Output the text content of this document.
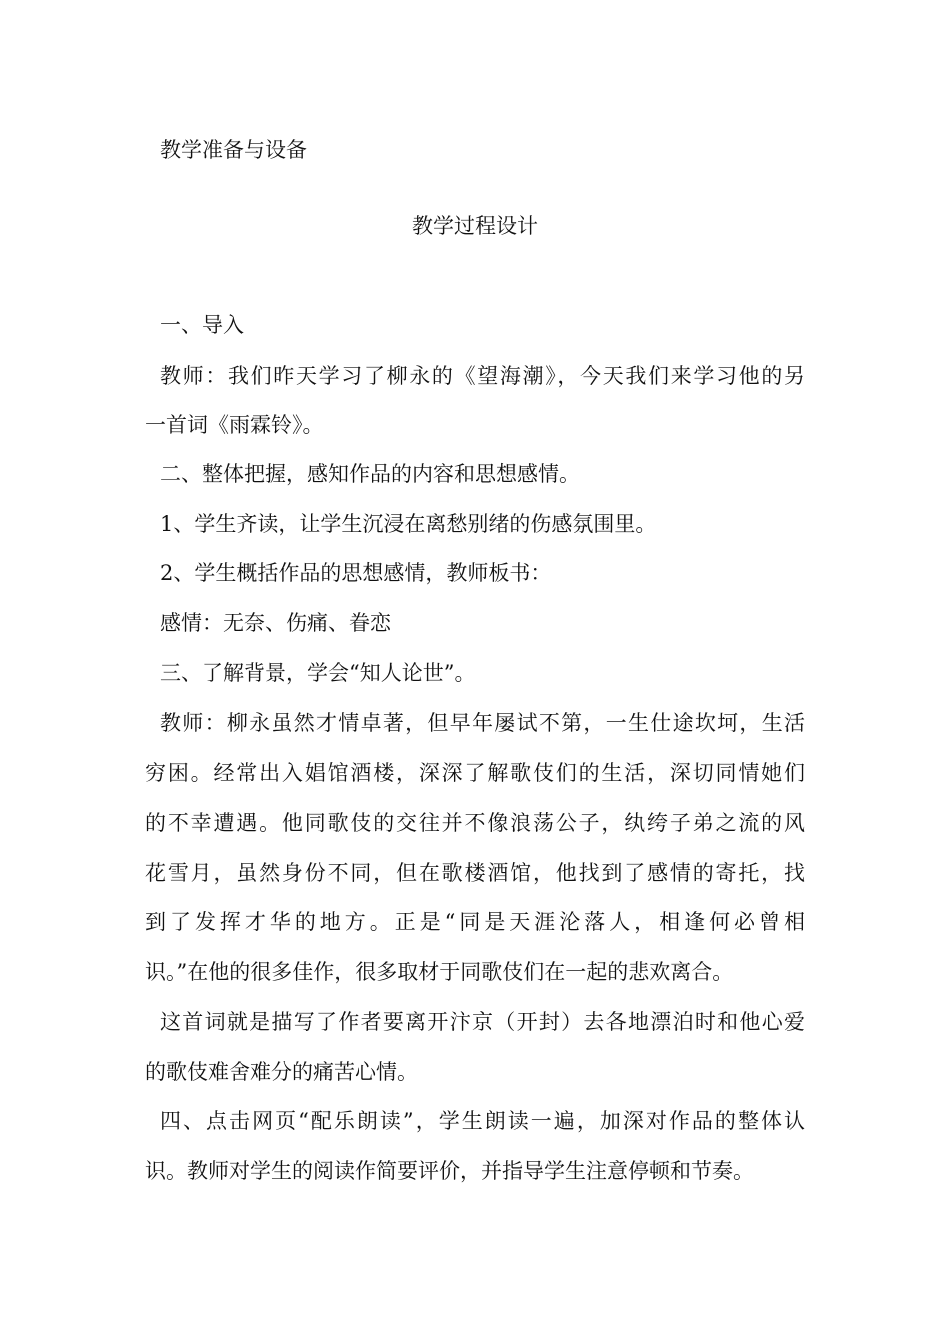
教学准备与设备
教学过程设计
一、导入
教师：我们昨天学习了柳永的《望海潮》，今天我们来学习他的另
一首词《雨霖铃》。
二、整体把握，感知作品的内容和思想感情。
1、学生齐读，让学生沉浸在离愁别绪的伤感氛围里。
2、学生概括作品的思想感情，教师板书：
感情：无奈、伤痛、眷恋
三、了解背景，学会“知人论世”。
教师：柳永虽然才情卓著，但早年屡试不第，一生仕途坎坷，生活
穷困。经常出入娼馆酒楼，深深了解歌伎们的生活，深切同情她们
的不幸遭遇。他同歌伎的交往并不像浪荡公子，纨绔子弟之流的风
花雪月，虽然身份不同，但在歌楼酒馆，他找到了感情的寄托，找
到了发挥才华的地方。正是“同是天涯沦落人，相逢何必曾相
识。”在他的很多佳作，很多取材于同歌伎们在一起的悲欢离合。
这首词就是描写了作者要离开汴京（开封）去各地漂泊时和他心爱
的歌伎难舍难分的痛苦心情。
四、点击网页“配乐朗读”，学生朗读一遍，加深对作品的整体认
识。教师对学生的阅读作简要评价，并指导学生注意停顿和节奏。
